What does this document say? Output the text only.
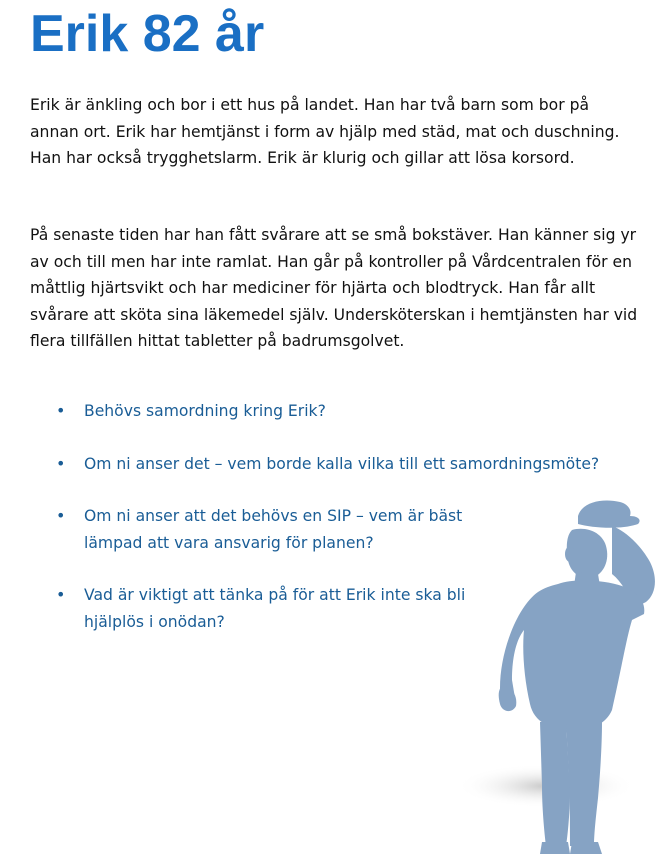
Erik 82 år

Erik är änkling och bor i ett hus på landet. Han har två barn som bor på annan ort. Erik har hemtjänst i form av hjälp med städ, mat och duschning. Han har också trygghetslarm. Erik är klurig och gillar att lösa korsord.

På senaste tiden har han fått svårare att se små bokstäver. Han känner sig yr av och till men har inte ramlat. Han går på kontroller på Vårdcentralen för en måttlig hjärtsvikt och har mediciner för hjärta och blodtryck. Han får allt svårare att sköta sina läkemedel själv. Undersköterskan i hemtjänsten har vid flera tillfällen hittat tabletter på badrumsgolvet.

• Behövs samordning kring Erik?
• Om ni anser det – vem borde kalla vilka till ett samordningsmöte?
• Om ni anser att det behövs en SIP – vem är bäst lämpad att vara ansvarig för planen?
• Vad är viktigt att tänka på för att Erik inte ska bli hjälplös i onödan?
